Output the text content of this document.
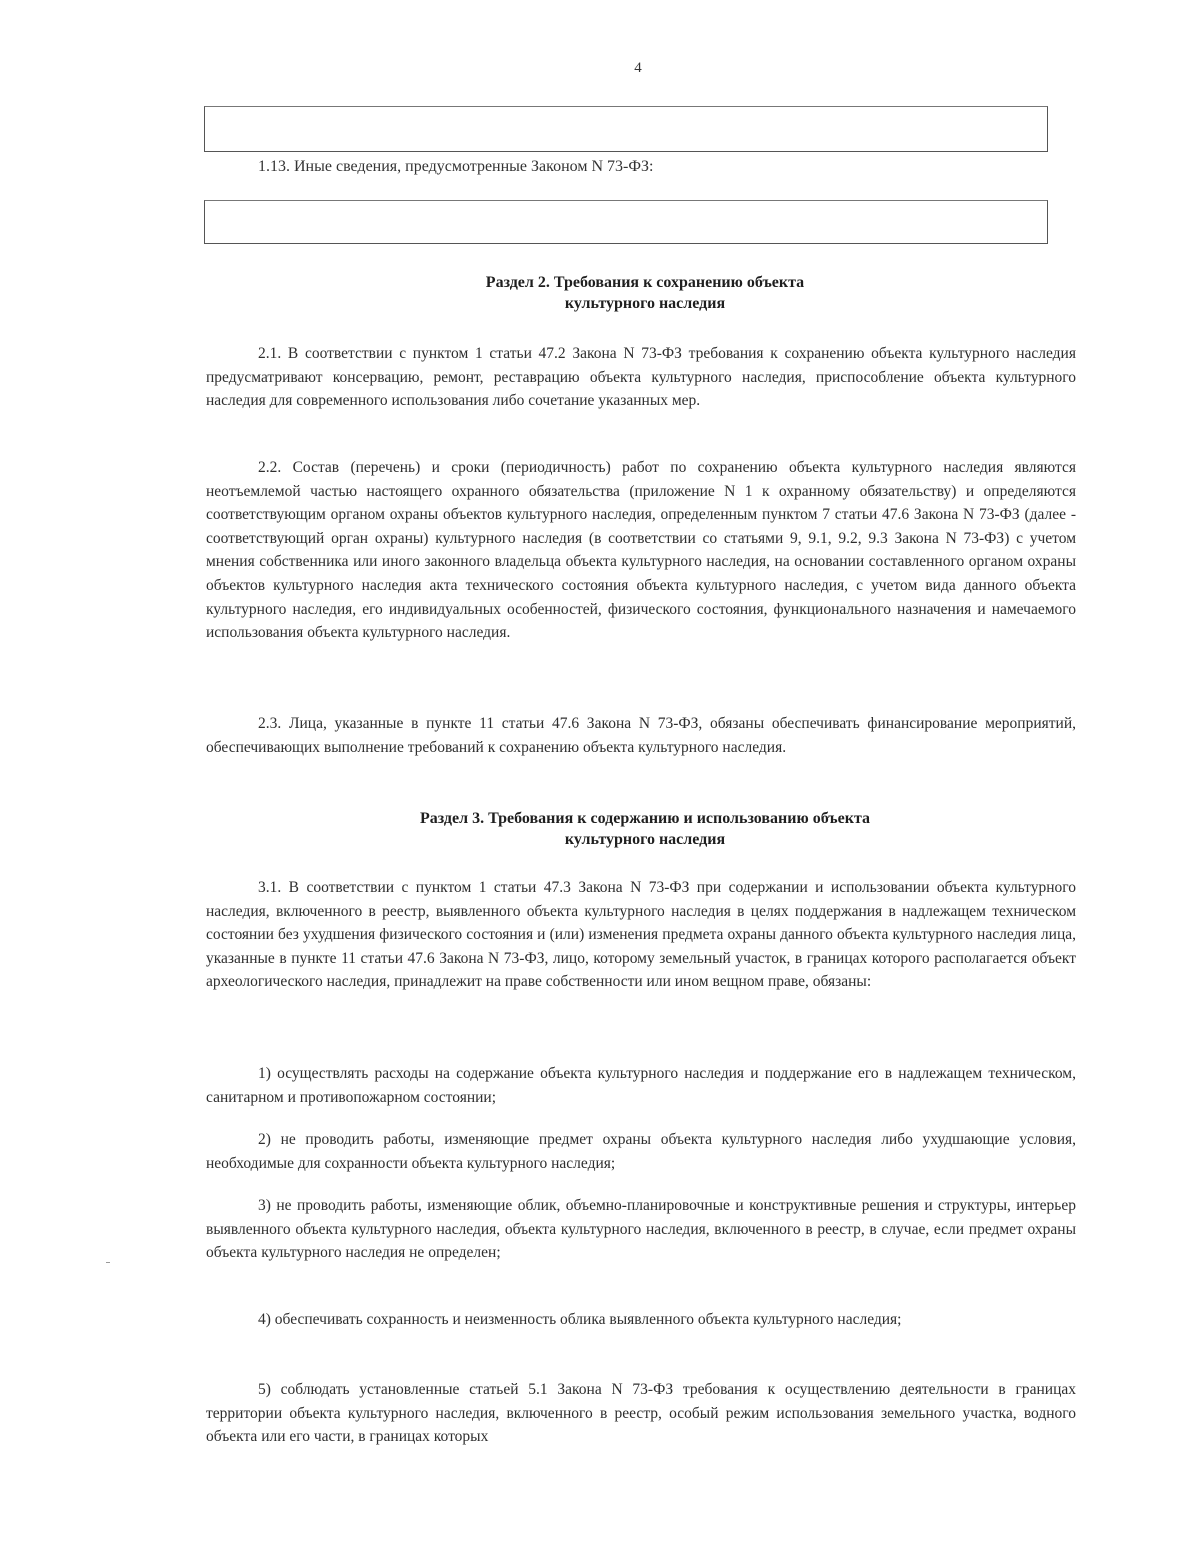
4
1.13. Иные сведения, предусмотренные Законом N 73-ФЗ:
Раздел 2. Требования к сохранению объекта
культурного наследия

2.1. В соответствии с пунктом 1 статьи 47.2 Закона N 73-ФЗ требования к сохранению объекта культурного наследия предусматривают консервацию, ремонт, реставрацию объекта культурного наследия, приспособление объекта культурного наследия для современного использования либо сочетание указанных мер.

2.2. Состав (перечень) и сроки (периодичность) работ по сохранению объекта культурного наследия являются неотъемлемой частью настоящего охранного обязательства (приложение N 1 к охранному обязательству) и определяются соответствующим органом охраны объектов культурного наследия, определенным пунктом 7 статьи 47.6 Закона N 73-ФЗ (далее - соответствующий орган охраны) культурного наследия (в соответствии со статьями 9, 9.1, 9.2, 9.3 Закона N 73-ФЗ) с учетом мнения собственника или иного законного владельца объекта культурного наследия, на основании составленного органом охраны объектов культурного наследия акта технического состояния объекта культурного наследия, с учетом вида данного объекта культурного наследия, его индивидуальных особенностей, физического состояния, функционального назначения и намечаемого использования объекта культурного наследия.

2.3. Лица, указанные в пункте 11 статьи 47.6 Закона N 73-ФЗ, обязаны обеспечивать финансирование мероприятий, обеспечивающих выполнение требований к сохранению объекта культурного наследия.

Раздел 3. Требования к содержанию и использованию объекта
культурного наследия

3.1. В соответствии с пунктом 1 статьи 47.3 Закона N 73-ФЗ при содержании и использовании объекта культурного наследия, включенного в реестр, выявленного объекта культурного наследия в целях поддержания в надлежащем техническом состоянии без ухудшения физического состояния и (или) изменения предмета охраны данного объекта культурного наследия лица, указанные в пункте 11 статьи 47.6 Закона N 73-ФЗ, лицо, которому земельный участок, в границах которого располагается объект археологического наследия, принадлежит на праве собственности или ином вещном праве, обязаны:

1) осуществлять расходы на содержание объекта культурного наследия и поддержание его в надлежащем техническом, санитарном и противопожарном состоянии;

2) не проводить работы, изменяющие предмет охраны объекта культурного наследия либо ухудшающие условия, необходимые для сохранности объекта культурного наследия;

3) не проводить работы, изменяющие облик, объемно-планировочные и конструктивные решения и структуры, интерьер выявленного объекта культурного наследия, объекта культурного наследия, включенного в реестр, в случае, если предмет охраны объекта культурного наследия не определен;

4) обеспечивать сохранность и неизменность облика выявленного объекта культурного наследия;

5) соблюдать установленные статьей 5.1 Закона N 73-ФЗ требования к осуществлению деятельности в границах территории объекта культурного наследия, включенного в реестр, особый режим использования земельного участка, водного объекта или его части, в границах которых
